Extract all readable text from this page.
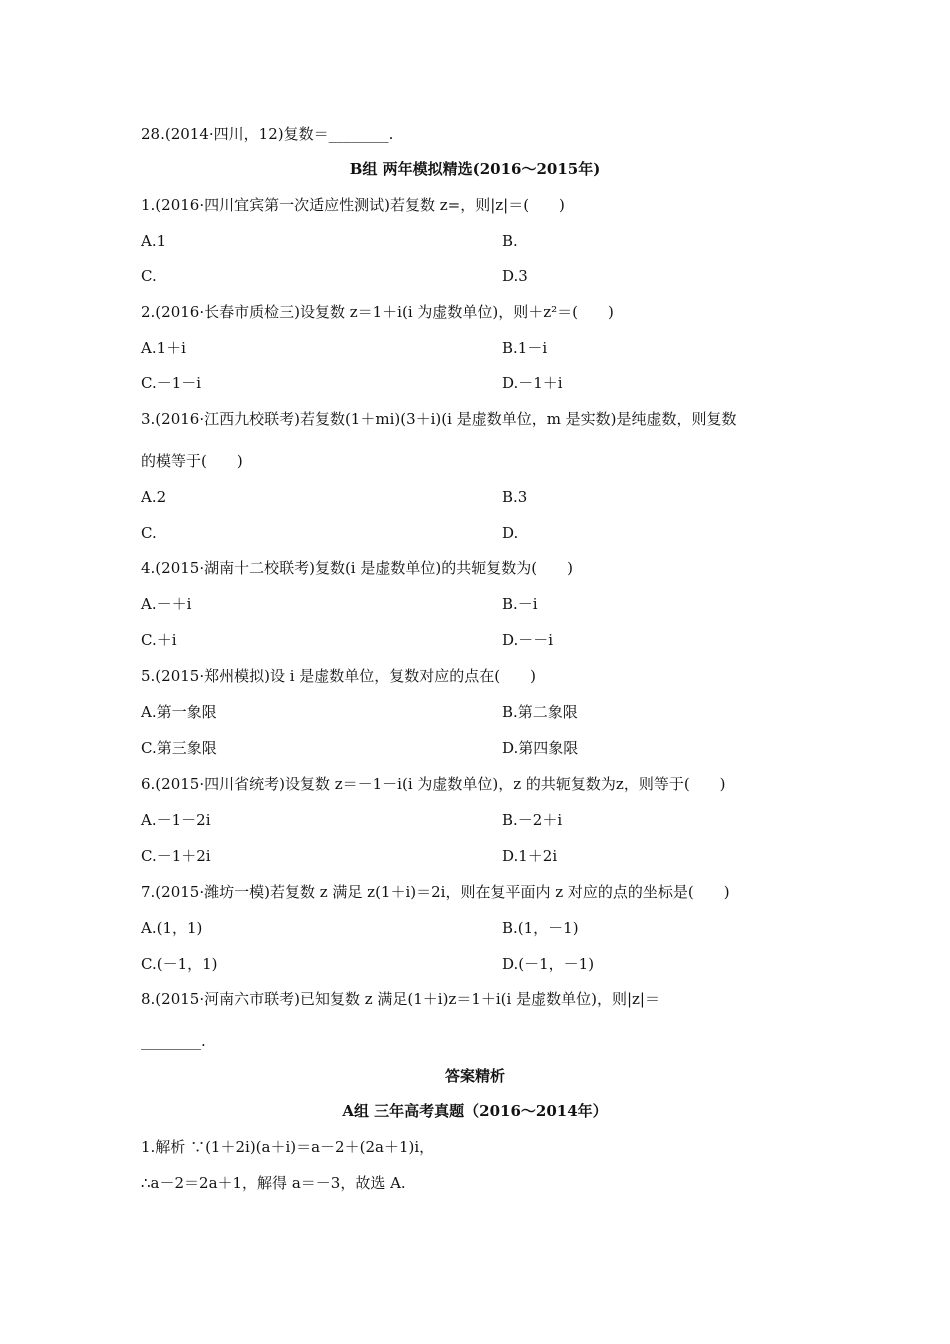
28.(2014·四川，12)复数＝________.
B组 两年模拟精选(2016～2015年)
1.(2016·四川宜宾第一次适应性测试)若复数 z=，则|z|＝(　　)
A.1	B.
C.	D.3
2.(2016·长春市质检三)设复数 z＝1＋i(i 为虚数单位)，则＋z²＝(　　)
A.1＋i	B.1－i
C.－1－i	D.－1＋i
3.(2016·江西九校联考)若复数(1＋mi)(3＋i)(i 是虚数单位，m 是实数)是纯虚数，则复数
的模等于(　　)
A.2	B.3
C.	D.
4.(2015·湖南十二校联考)复数(i 是虚数单位)的共轭复数为(　　)
A.－＋i	B.－i
C.＋i	D.－－i
5.(2015·郑州模拟)设 i 是虚数单位，复数对应的点在(　　)
A.第一象限	B.第二象限
C.第三象限	D.第四象限
6.(2015·四川省统考)设复数 z＝－1－i(i 为虚数单位)，z 的共轭复数为z，则等于(　　)
A.－1－2i	B.－2＋i
C.－1＋2i	D.1＋2i
7.(2015·潍坊一模)若复数 z 满足 z(1＋i)＝2i，则在复平面内 z 对应的点的坐标是(　　)
A.(1，1)	B.(1，－1)
C.(－1，1)	D.(－1，－1)
8.(2015·河南六市联考)已知复数 z 满足(1＋i)z＝1＋i(i 是虚数单位)，则|z|＝
________.
答案精析
A组 三年高考真题（2016～2014年）
1.解析 ∵(1＋2i)(a＋i)＝a－2＋(2a＋1)i，
∴a－2＝2a＋1，解得 a＝－3，故选 A.
